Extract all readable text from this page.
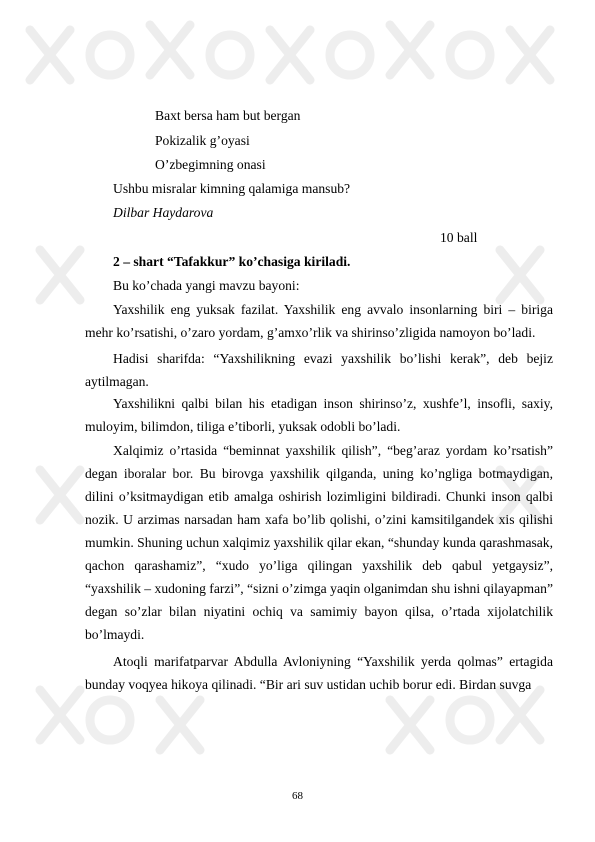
Baxt bersa ham but bergan
Pokizalik g’oyasi
O’zbegimning onasi
Ushbu misralar kimning qalamiga mansub?
Dilbar Haydarova
10 ball
2 – shart “Tafakkur” ko’chasiga kiriladi.
Bu ko’chada yangi mavzu bayoni:

Yaxshilik eng yuksak fazilat. Yaxshilik eng avvalo insonlarning biri – biriga mehr ko’rsatishi, o’zaro yordam, g’amxo’rlik va shirinso’zligida namoyon bo’ladi.

Hadisi sharifda: “Yaxshilikning evazi yaxshilik bo’lishi kerak”, deb bejiz aytilmagan.

Yaxshilikni qalbi bilan his etadigan inson shirinso’z, xushfe’l, insofli, saxiy, muloyim, bilimdon, tiliga e’tiborli, yuksak odobli bo’ladi.

Xalqimiz o’rtasida “beminnat yaxshilik qilish”, “beg’araz yordam ko’rsatish” degan iboralar bor. Bu birovga yaxshilik qilganda, uning ko’ngliga botmaydigan, dilini o’ksitmaydigan etib amalga oshirish lozimligini bildiradi. Chunki inson qalbi nozik. U arzimas narsadan ham xafa bo’lib qolishi, o’zini kamsitilgandek xis qilishi mumkin. Shuning uchun xalqimiz yaxshilik qilar ekan, “shunday kunda qarashmasak, qachon qarashamiz”, “xudo yo’liga qilingan yaxshilik deb qabul yetgaysiz”, “yaxshilik – xudoning farzi”, “sizni o’zimga yaqin olganimdan shu ishni qilayapman” degan so’zlar bilan niyatini ochiq va samimiy bayon qilsa, o’rtada xijolatchilik bo’lmaydi.

Atoqli marifatparvar Abdulla Avloniyning “Yaxshilik yerda qolmas” ertagida bunday voqyea hikoya qilinadi. “Bir ari suv ustidan uchib borur edi. Birdan suvga

68
